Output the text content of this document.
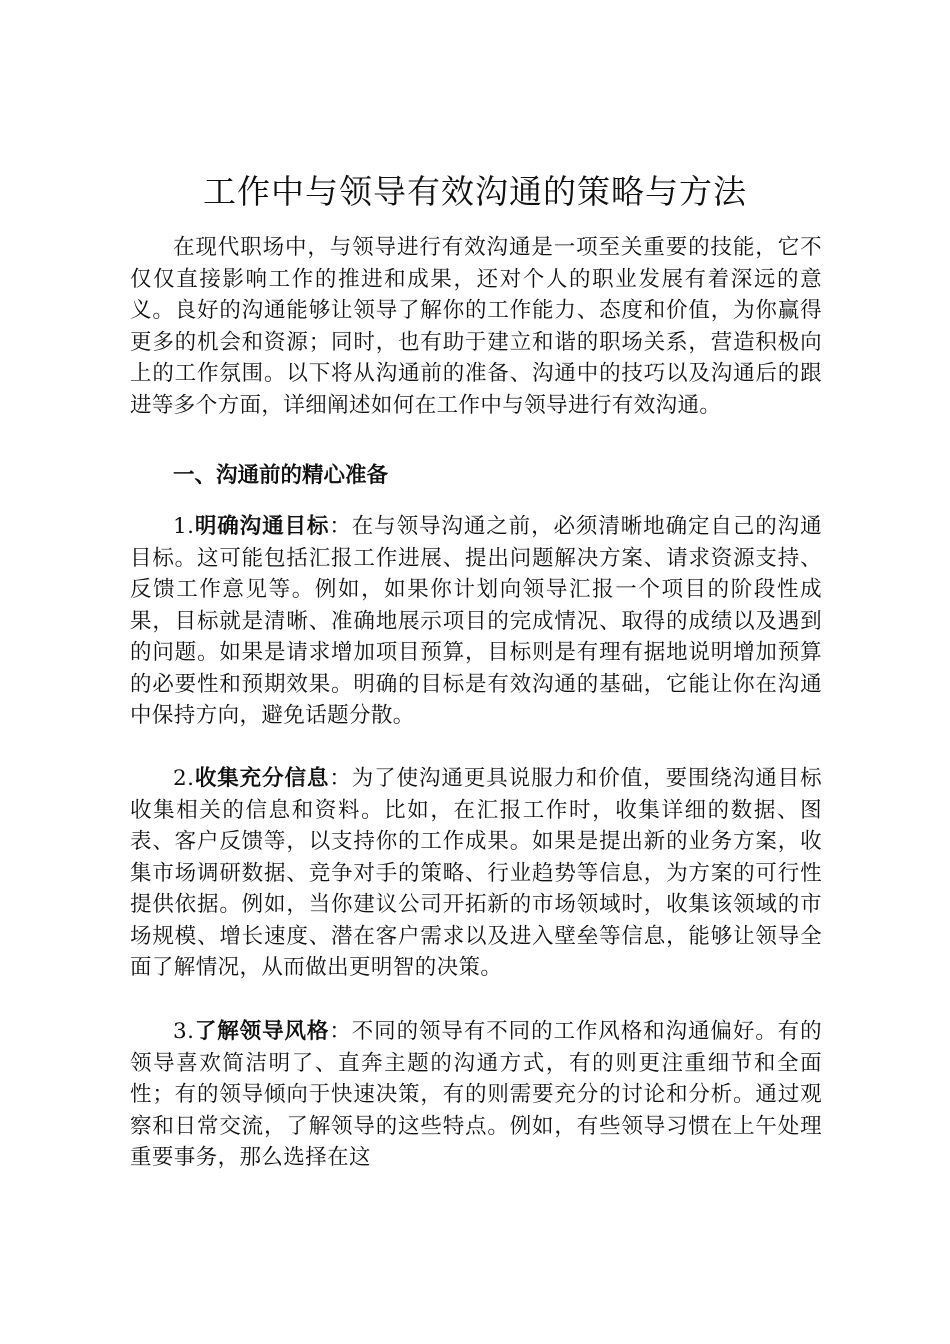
工作中与领导有效沟通的策略与方法

在现代职场中，与领导进行有效沟通是一项至关重要的技能，它不仅仅直接影响工作的推进和成果，还对个人的职业发展有着深远的意义。良好的沟通能够让领导了解你的工作能力、态度和价值，为你赢得更多的机会和资源；同时，也有助于建立和谐的职场关系，营造积极向上的工作氛围。以下将从沟通前的准备、沟通中的技巧以及沟通后的跟进等多个方面，详细阐述如何在工作中与领导进行有效沟通。

一、沟通前的精心准备

1.明确沟通目标：在与领导沟通之前，必须清晰地确定自己的沟通目标。这可能包括汇报工作进展、提出问题解决方案、请求资源支持、反馈工作意见等。例如，如果你计划向领导汇报一个项目的阶段性成果，目标就是清晰、准确地展示项目的完成情况、取得的成绩以及遇到的问题。如果是请求增加项目预算，目标则是有理有据地说明增加预算的必要性和预期效果。明确的目标是有效沟通的基础，它能让你在沟通中保持方向，避免话题分散。

2.收集充分信息：为了使沟通更具说服力和价值，要围绕沟通目标收集相关的信息和资料。比如，在汇报工作时，收集详细的数据、图表、客户反馈等，以支持你的工作成果。如果是提出新的业务方案，收集市场调研数据、竞争对手的策略、行业趋势等信息，为方案的可行性提供依据。例如，当你建议公司开拓新的市场领域时，收集该领域的市场规模、增长速度、潜在客户需求以及进入壁垒等信息，能够让领导全面了解情况，从而做出更明智的决策。

3.了解领导风格：不同的领导有不同的工作风格和沟通偏好。有的领导喜欢简洁明了、直奔主题的沟通方式，有的则更注重细节和全面性；有的领导倾向于快速决策，有的则需要充分的讨论和分析。通过观察和日常交流，了解领导的这些特点。例如，有些领导习惯在上午处理重要事务，那么选择在这
